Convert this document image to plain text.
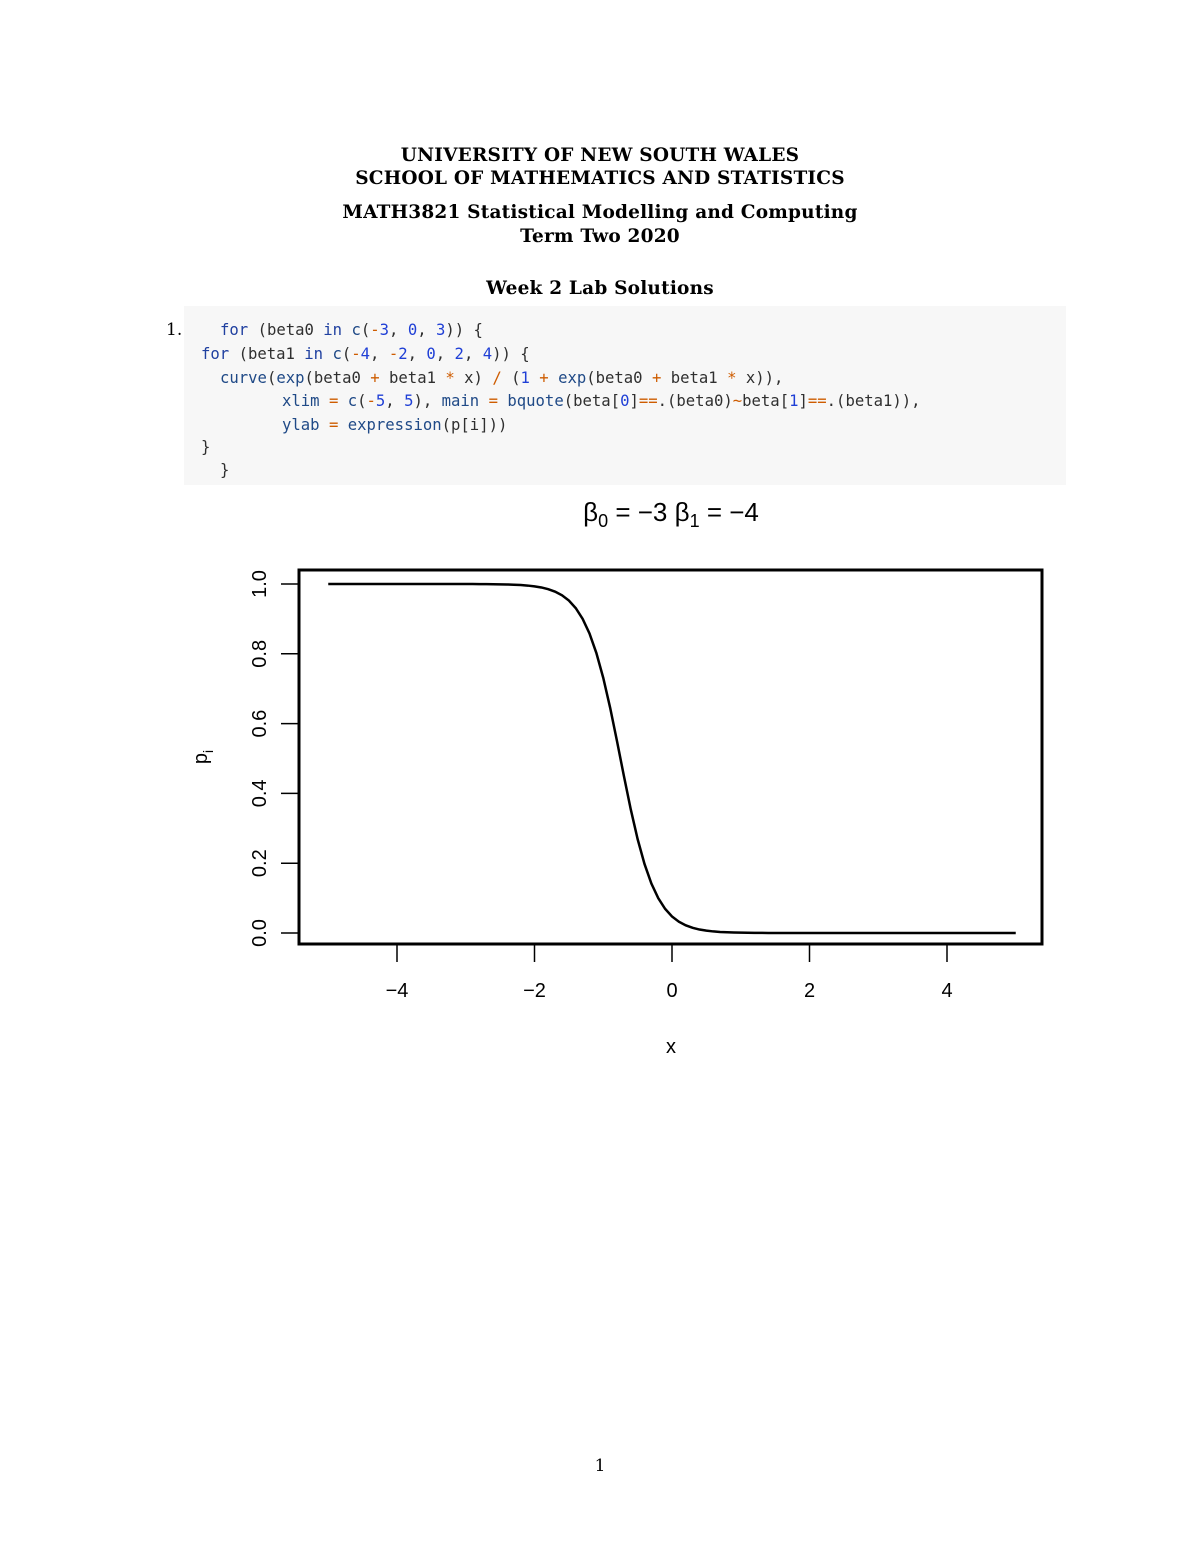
UNIVERSITY OF NEW SOUTH WALES
SCHOOL OF MATHEMATICS AND STATISTICS
MATH3821 Statistical Modelling and Computing
Term Two 2020
Week 2 Lab Solutions
1. for (beta0 in c(-3, 0, 3)) {
for (beta1 in c(-4, -2, 0, 2, 4)) {
curve(exp(beta0 + beta1 * x) / (1 + exp(beta0 + beta1 * x)),
xlim = c(-5, 5), main = bquote(beta[0]==.(beta0)~beta[1]==.(beta1)),
ylab = expression(p[i]))
}
}
$\beta_0 = -3$ $\beta_1 = -4$
−4	−2	0	2	4
0.0
0.2
0.4
0.6
0.8
1.0
x
$p_i$
1
